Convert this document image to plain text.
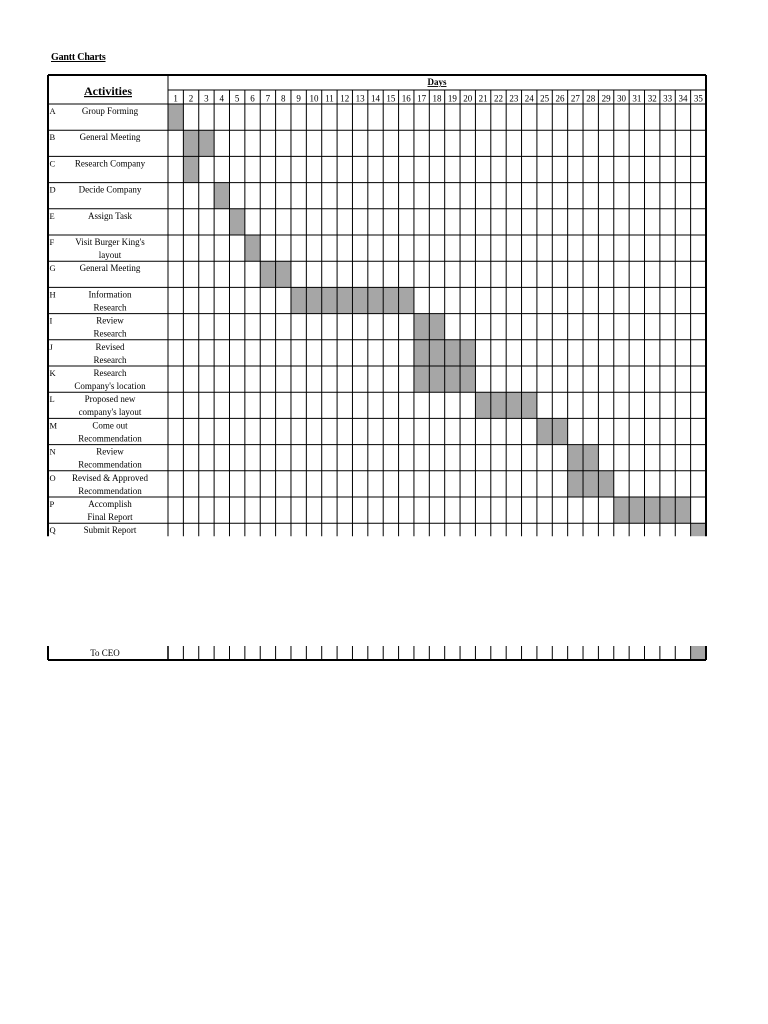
Gantt Charts
Activities
Days
1 2 3 4 5 6 7 8 9 10 11 12 13 14 15 16 17 18 19 20 21 22 23 24 25 26 27 28 29 30 31 32 33 34 35
A	Group Forming
B	General Meeting
C Research Company
D	Decide Company
E	Assign Task
F Visit Burger King's
layout
G	General Meeting
H	Information
Research
I	Review
Research
J	Revised
Research
K	Research
Company's location
L	Proposed new
company's layout
M	Come out
Recommendation
N	Review
Recommendation
O Revised & Approved
Recommendation
P	Accomplish
Final Report
Q	Submit Report
To CEO
